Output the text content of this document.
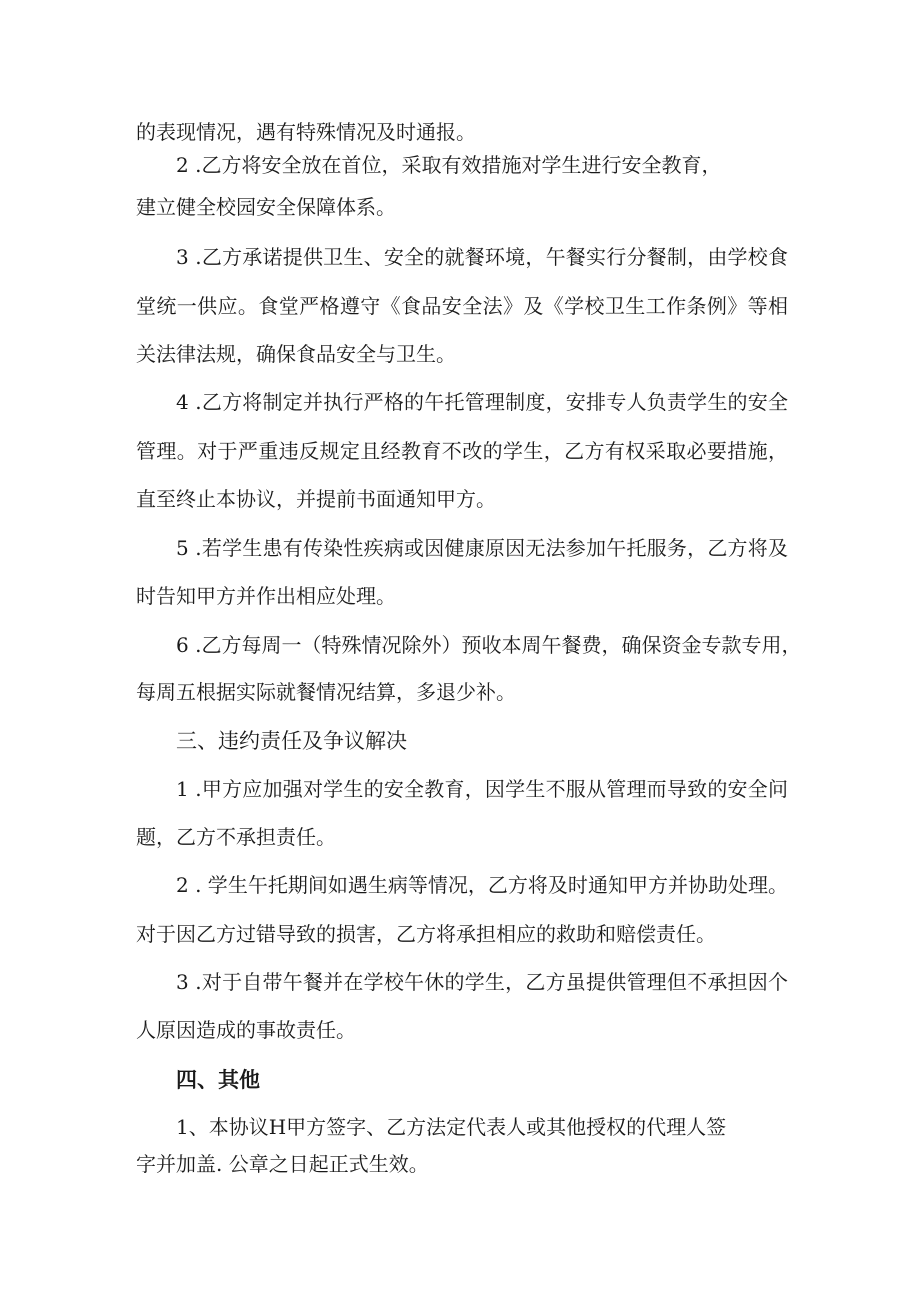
的表现情况，遇有特殊情况及时通报。
2 .乙方将安全放在首位，采取有效措施对学生进行安全教育，
建立健全校园安全保障体系。
3 .乙方承诺提供卫生、安全的就餐环境，午餐实行分餐制，由学校食
堂统一供应。食堂严格遵守《食品安全法》及《学校卫生工作条例》等相
关法律法规，确保食品安全与卫生。
4 .乙方将制定并执行严格的午托管理制度，安排专人负责学生的安全
管理。对于严重违反规定且经教育不改的学生，乙方有权采取必要措施，
直至终止本协议，并提前书面通知甲方。
5 .若学生患有传染性疾病或因健康原因无法参加午托服务，乙方将及
时告知甲方并作出相应处理。
6 .乙方每周一（特殊情况除外）预收本周午餐费，确保资金专款专用，
每周五根据实际就餐情况结算，多退少补。
三、违约责任及争议解决
1 .甲方应加强对学生的安全教育，因学生不服从管理而导致的安全问
题，乙方不承担责任。
2 . 学生午托期间如遇生病等情况，乙方将及时通知甲方并协助处理。
对于因乙方过错导致的损害，乙方将承担相应的救助和赔偿责任。
3 .对于自带午餐并在学校午休的学生，乙方虽提供管理但不承担因个
人原因造成的事故责任。
四、其他
1、本协议H甲方签字、乙方法定代表人或其他授权的代理人签
字并加盖. 公章之日起正式生效。
